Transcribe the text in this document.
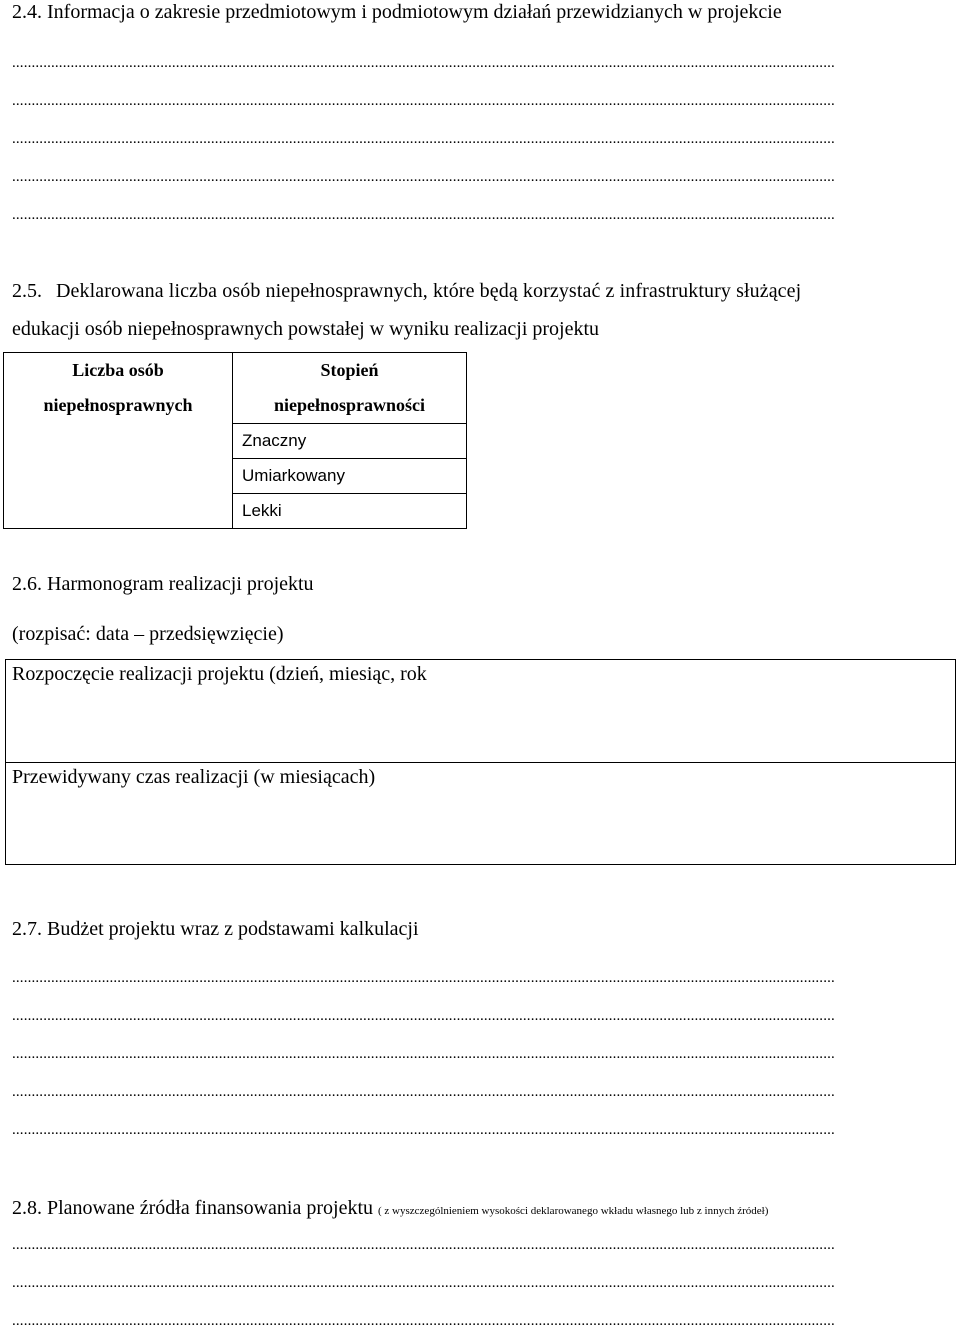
2.4. Informacja o zakresie przedmiotowym i podmiotowym działań przewidzianych w projekcie
...................................................................................................................................................................................................................
...................................................................................................................................................................................................................
...................................................................................................................................................................................................................
...................................................................................................................................................................................................................
...................................................................................................................................................................................................................
2.5. Deklarowana liczba osób niepełnosprawnych, które będą korzystać z infrastruktury służącej
edukacji osób niepełnosprawnych powstałej w wyniku realizacji projektu
Liczba osób
niepełnosprawnych

Stopień
niepełnosprawności

Znaczny
Umiarkowany
Lekki
2.6. Harmonogram realizacji projektu
(rozpisać: data – przedsięwzięcie)
Rozpoczęcie realizacji projektu (dzień, miesiąc, rok
Przewidywany czas realizacji (w miesiącach)
2.7. Budżet projektu wraz z podstawami kalkulacji
...................................................................................................................................................................................................................
...................................................................................................................................................................................................................
...................................................................................................................................................................................................................
...................................................................................................................................................................................................................
...................................................................................................................................................................................................................
2.8. Planowane źródła finansowania projektu ( z wyszczególnieniem wysokości deklarowanego wkładu własnego lub z innych źródeł)
...................................................................................................................................................................................................................
...................................................................................................................................................................................................................
...................................................................................................................................................................................................................
